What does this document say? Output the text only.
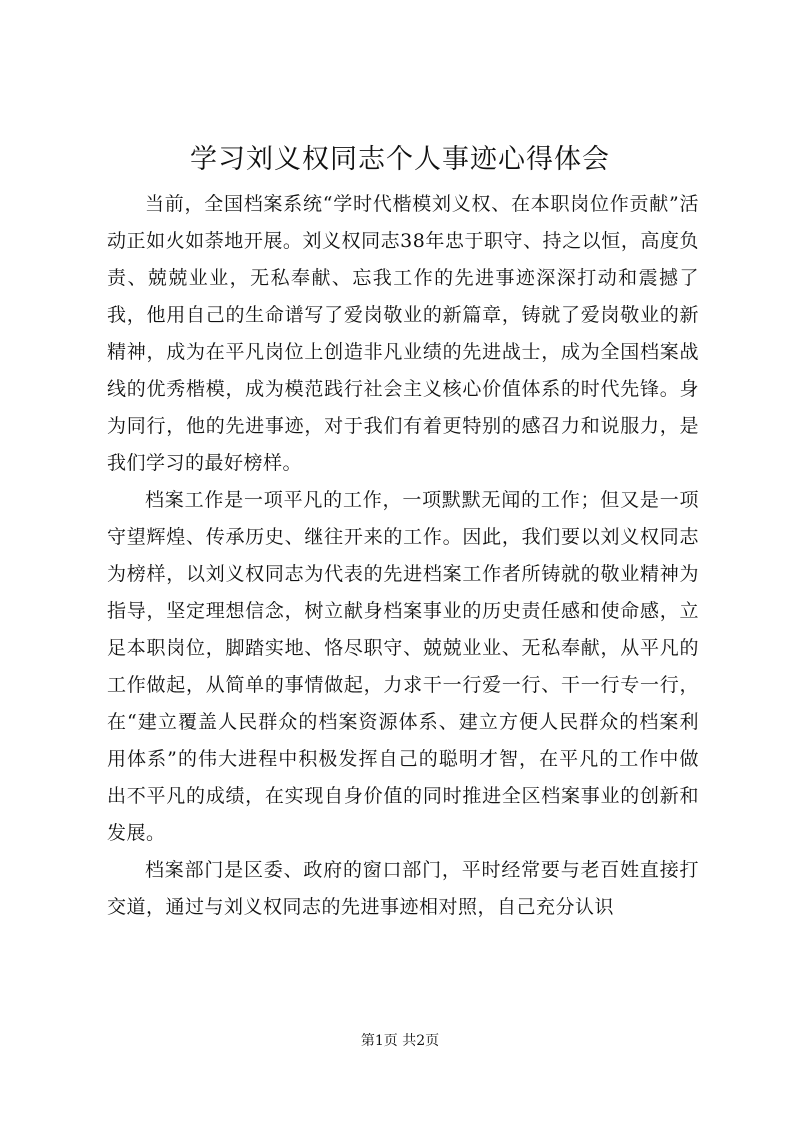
学习刘义权同志个人事迹心得体会

当前，全国档案系统“学时代楷模刘义权、在本职岗位作贡献”活动正如火如荼地开展。刘义权同志38年忠于职守、持之以恒，高度负责、兢兢业业，无私奉献、忘我工作的先进事迹深深打动和震撼了我，他用自己的生命谱写了爱岗敬业的新篇章，铸就了爱岗敬业的新精神，成为在平凡岗位上创造非凡业绩的先进战士，成为全国档案战线的优秀楷模，成为模范践行社会主义核心价值体系的时代先锋。身为同行，他的先进事迹，对于我们有着更特别的感召力和说服力，是我们学习的最好榜样。

档案工作是一项平凡的工作，一项默默无闻的工作；但又是一项守望辉煌、传承历史、继往开来的工作。因此，我们要以刘义权同志为榜样，以刘义权同志为代表的先进档案工作者所铸就的敬业精神为指导，坚定理想信念，树立献身档案事业的历史责任感和使命感，立足本职岗位，脚踏实地、恪尽职守、兢兢业业、无私奉献，从平凡的工作做起，从简单的事情做起，力求干一行爱一行、干一行专一行，在“建立覆盖人民群众的档案资源体系、建立方便人民群众的档案利用体系”的伟大进程中积极发挥自己的聪明才智，在平凡的工作中做出不平凡的成绩，在实现自身价值的同时推进全区档案事业的创新和发展。

档案部门是区委、政府的窗口部门，平时经常要与老百姓直接打交道，通过与刘义权同志的先进事迹相对照，自己充分认识

第1页 共2页
